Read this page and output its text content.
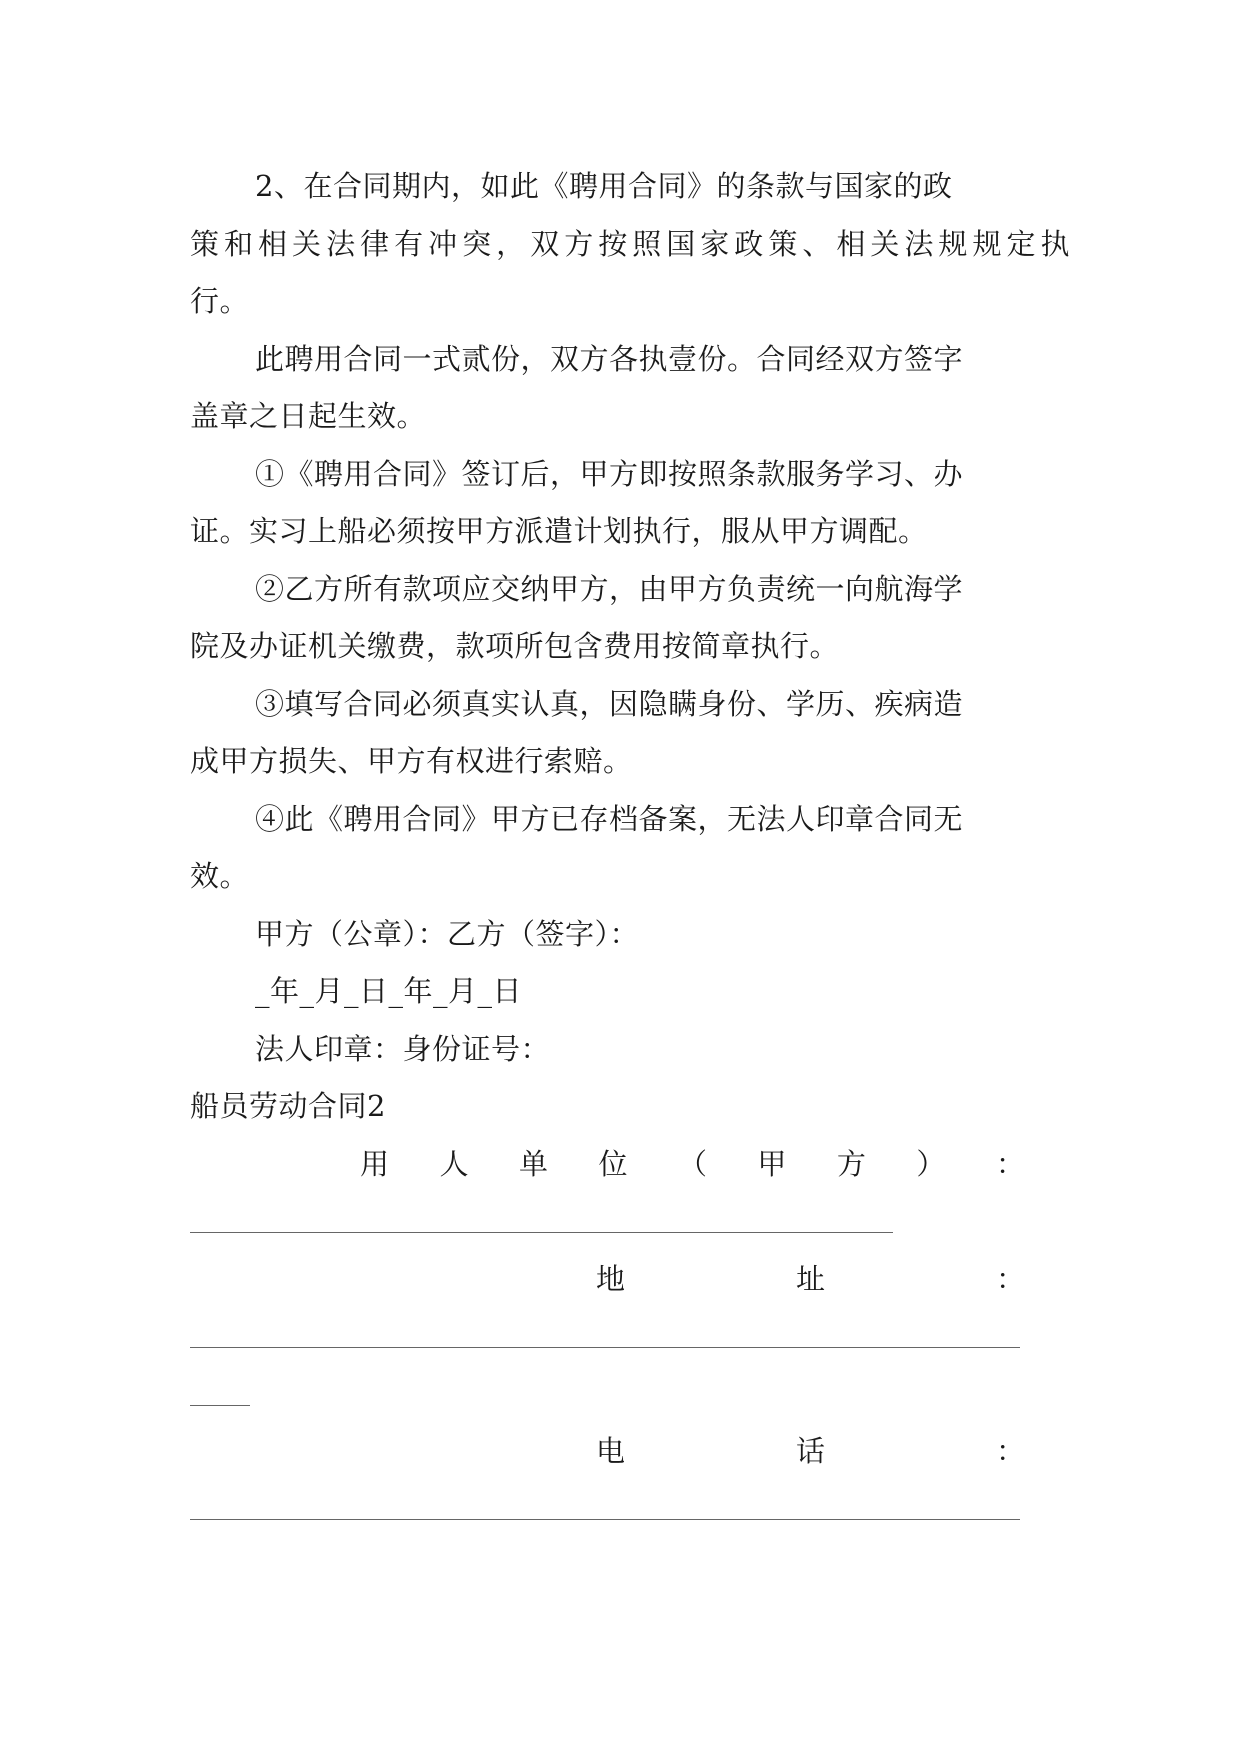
2、在合同期内，如此《聘用合同》的条款与国家的政
策和相关法律有冲突，双方按照国家政策、相关法规规定执
行。
此聘用合同一式贰份，双方各执壹份。合同经双方签字
盖章之日起生效。
①《聘用合同》签订后，甲方即按照条款服务学习、办
证。实习上船必须按甲方派遣计划执行，服从甲方调配。
②乙方所有款项应交纳甲方，由甲方负责统一向航海学
院及办证机关缴费，款项所包含费用按简章执行。
③填写合同必须真实认真，因隐瞒身份、学历、疾病造
成甲方损失、甲方有权进行索赔。
④此《聘用合同》甲方已存档备案，无法人印章合同无
效。
甲方（公章）：乙方（签字）：
_年_月_日_年_月_日
法人印章：身份证号：
船员劳动合同2
用 人 单 位 （ 甲 方 ） ：
地	址	：
电	话	：
